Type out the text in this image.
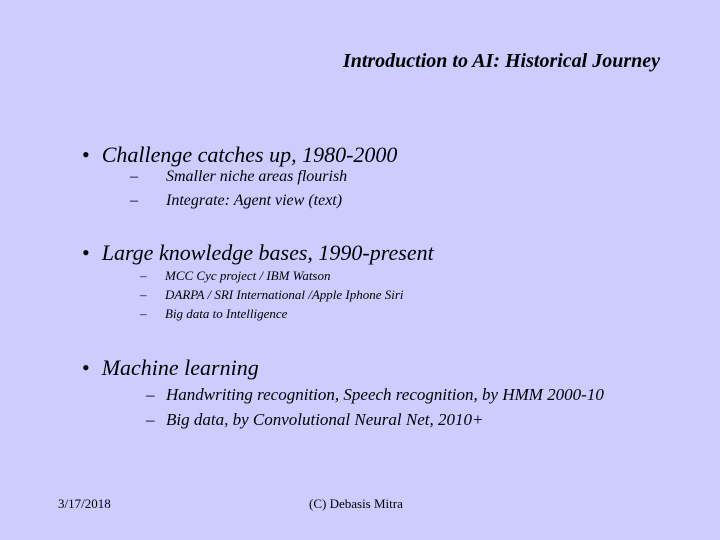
Introduction to AI: Historical Journey
• Challenge catches up, 1980-2000
– Smaller niche areas flourish
– Integrate: Agent view (text)
• Large knowledge bases, 1990-present
– MCC Cyc project / IBM Watson
– DARPA / SRI International /Apple Iphone Siri
– Big data to Intelligence
• Machine learning
– Handwriting recognition, Speech recognition, by HMM 2000-10
– Big data, by Convolutional Neural Net, 2010+
3/17/2018	(C) Debasis Mitra
